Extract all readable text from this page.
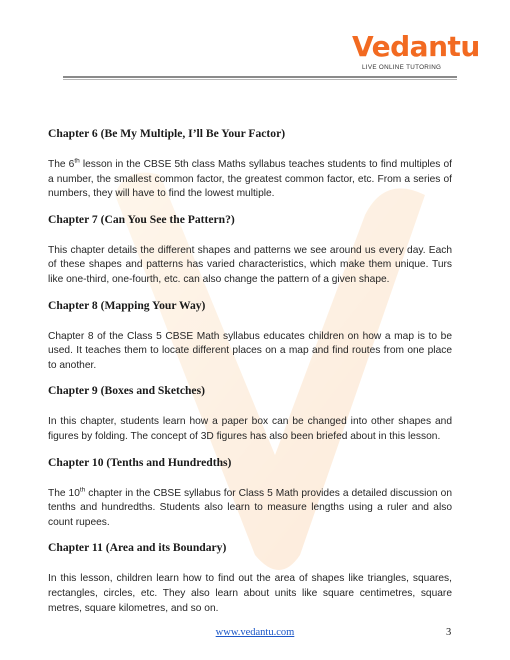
Vedantu
LIVE ONLINE TUTORING

Chapter 6 (Be My Multiple, I’ll Be Your Factor)

The 6th lesson in the CBSE 5th class Maths syllabus teaches students to find multiples of a number, the smallest common factor, the greatest common factor, etc. From a series of numbers, they will have to find the lowest multiple.

Chapter 7 (Can You See the Pattern?)

This chapter details the different shapes and patterns we see around us every day. Each of these shapes and patterns has varied characteristics, which make them unique. Turs like one-third, one-fourth, etc. can also change the pattern of a given shape.

Chapter 8 (Mapping Your Way)

Chapter 8 of the Class 5 CBSE Math syllabus educates children on how a map is to be used. It teaches them to locate different places on a map and find routes from one place to another.

Chapter 9 (Boxes and Sketches)

In this chapter, students learn how a paper box can be changed into other shapes and figures by folding. The concept of 3D figures has also been briefed about in this lesson.

Chapter 10 (Tenths and Hundredths)

The 10th chapter in the CBSE syllabus for Class 5 Math provides a detailed discussion on tenths and hundredths. Students also learn to measure lengths using a ruler and also count rupees.

Chapter 11 (Area and its Boundary)

In this lesson, children learn how to find out the area of shapes like triangles, squares, rectangles, circles, etc. They also learn about units like square centimetres, square metres, square kilometres, and so on.

www.vedantu.com	3
